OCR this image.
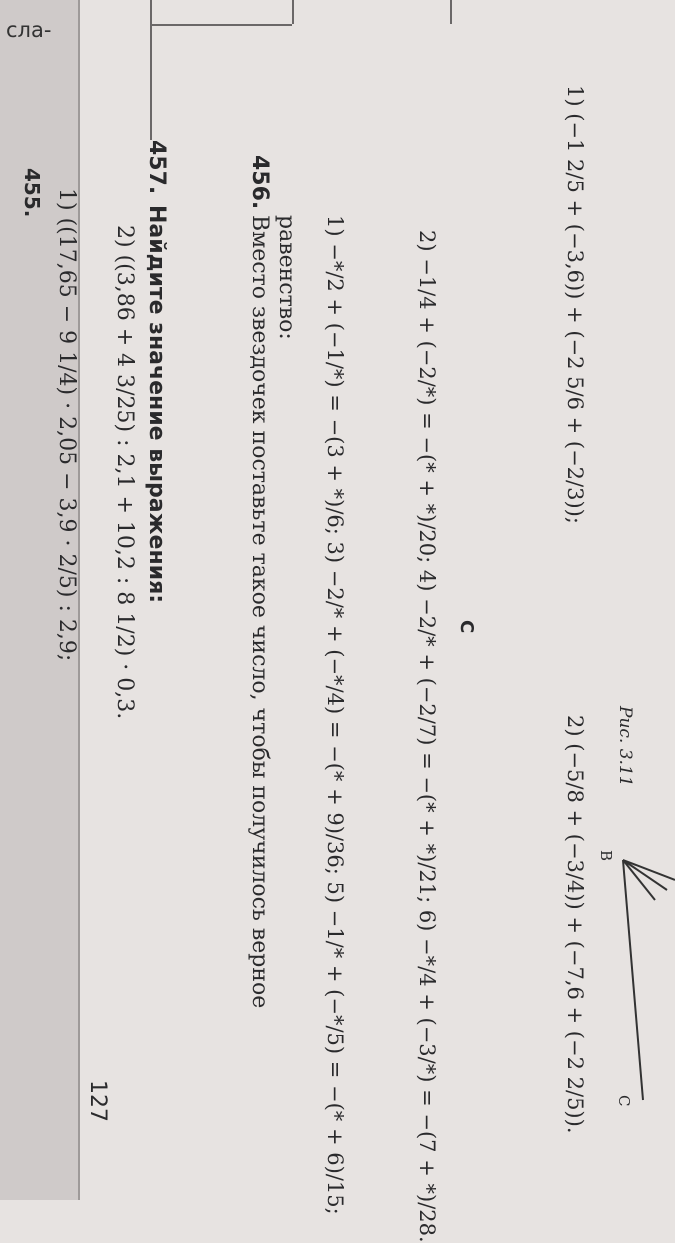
сла-
455. 1) ((17,65 − 9 1/4) · 2,05 − 3,9 · 2/5) : 2,9; 2) ((3,86 + 4 3/25) : 2,1 + 10,2 : 8 1/2) · 0,3.
B
C
Рис. 3.11
C
456.
Вместо звездочек поставьте такое число, чтобы получилось верное равенство: 1) −*/2 + (−1/*) = −(3 + *)/6; 3) −2/* + (−*/4) = −(* + 9)/36; 5) −1/* + (−*/5) = −(* + 6)/15;	2) −1/4 + (−2/*) = −(* + *)/20; 4) −2/* + (−2/7) = −(* + *)/21; 6) −*/4 + (−3/*) = −(7 + *)/28.
457.
Найдите значение выражения:	1) (−1 2/5 + (−3,6)) + (−2 5/6 + (−2/3));
2) (−5/8 + (−3/4)) + (−7,6 + (−2 2/5)).
127
